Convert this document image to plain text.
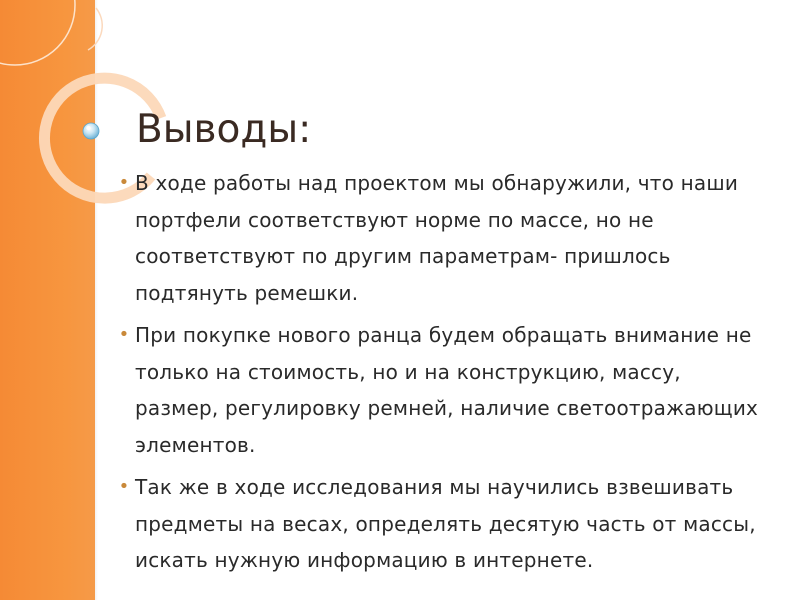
Выводы:
• В ходе работы над проектом мы обнаружили, что наши портфели соответствуют норме по массе, но не соответствуют по другим параметрам- пришлось подтянуть ремешки.
• При покупке нового ранца будем обращать внимание не только на стоимость, но и на конструкцию, массу, размер, регулировку ремней, наличие светоотражающих элементов.
• Так же в ходе исследования мы научились взвешивать предметы на весах, определять десятую часть от массы, искать нужную информацию в интернете.
